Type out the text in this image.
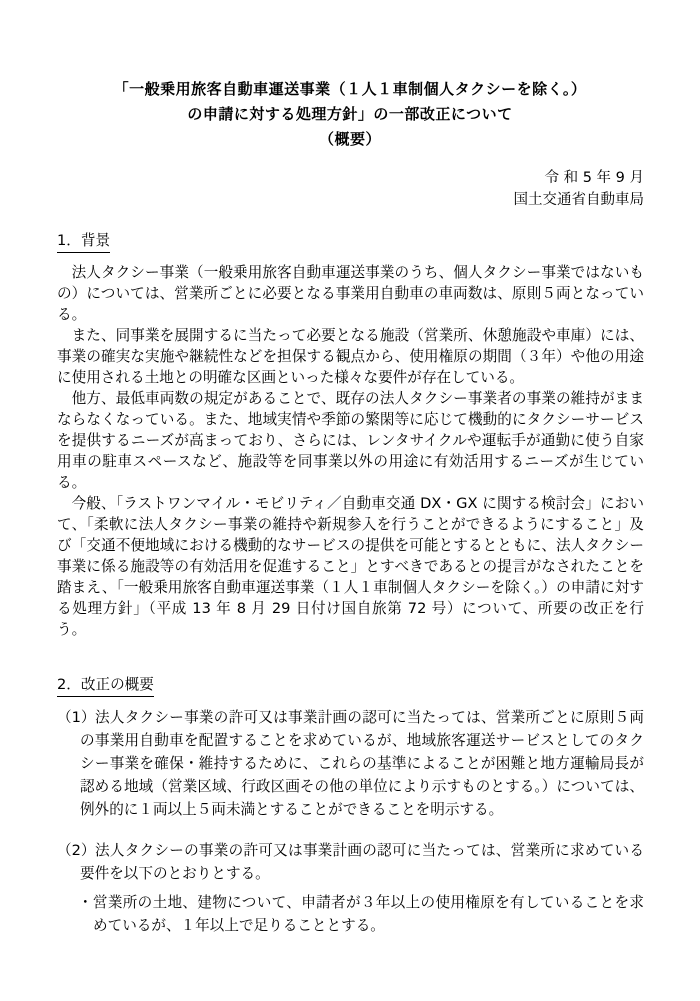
「一般乗用旅客自動車運送事業（１人１車制個人タクシーを除く。）
の申請に対する処理方針」の一部改正について
（概要）
令 和 5 年 9 月
国土交通省自動車局
1．背景

法人タクシー事業（一般乗用旅客自動車運送事業のうち、個人タクシー事業ではないもの）については、営業所ごとに必要となる事業用自動車の車両数は、原則５両となっている。

また、同事業を展開するに当たって必要となる施設（営業所、休憩施設や車庫）には、事業の確実な実施や継続性などを担保する観点から、使用権原の期間（３年）や他の用途に使用される土地との明確な区画といった様々な要件が存在している。

他方、最低車両数の規定があることで、既存の法人タクシー事業者の事業の維持がままならなくなっている。また、地域実情や季節の繁閑等に応じて機動的にタクシーサービスを提供するニーズが高まっており、さらには、レンタサイクルや運転手が通勤に使う自家用車の駐車スペースなど、施設等を同事業以外の用途に有効活用するニーズが生じている。

今般、「ラストワンマイル・モビリティ／自動車交通 DX・GX に関する検討会」において、「柔軟に法人タクシー事業の維持や新規参入を行うことができるようにすること」及び「交通不便地域における機動的なサービスの提供を可能とするとともに、法人タクシー事業に係る施設等の有効活用を促進すること」とすべきであるとの提言がなされたことを踏まえ、「一般乗用旅客自動車運送事業（１人１車制個人タクシーを除く。）の申請に対する処理方針」（平成 13 年 8 月 29 日付け国自旅第 72 号）について、所要の改正を行う。

2．改正の概要
（1） 法人タクシー事業の許可又は事業計画の認可に当たっては、営業所ごとに原則５両の事業用自動車を配置することを求めているが、地域旅客運送サービスとしてのタクシー事業を確保・維持するために、これらの基準によることが困難と地方運輸局長が認める地域（営業区域、行政区画その他の単位により示すものとする。）については、例外的に１両以上５両未満とすることができることを明示する。
（2） 法人タクシーの事業の許可又は事業計画の認可に当たっては、営業所に求めている要件を以下のとおりとする。
・営業所の土地、建物について、申請者が３年以上の使用権原を有していることを求めているが、１年以上で足りることとする。
